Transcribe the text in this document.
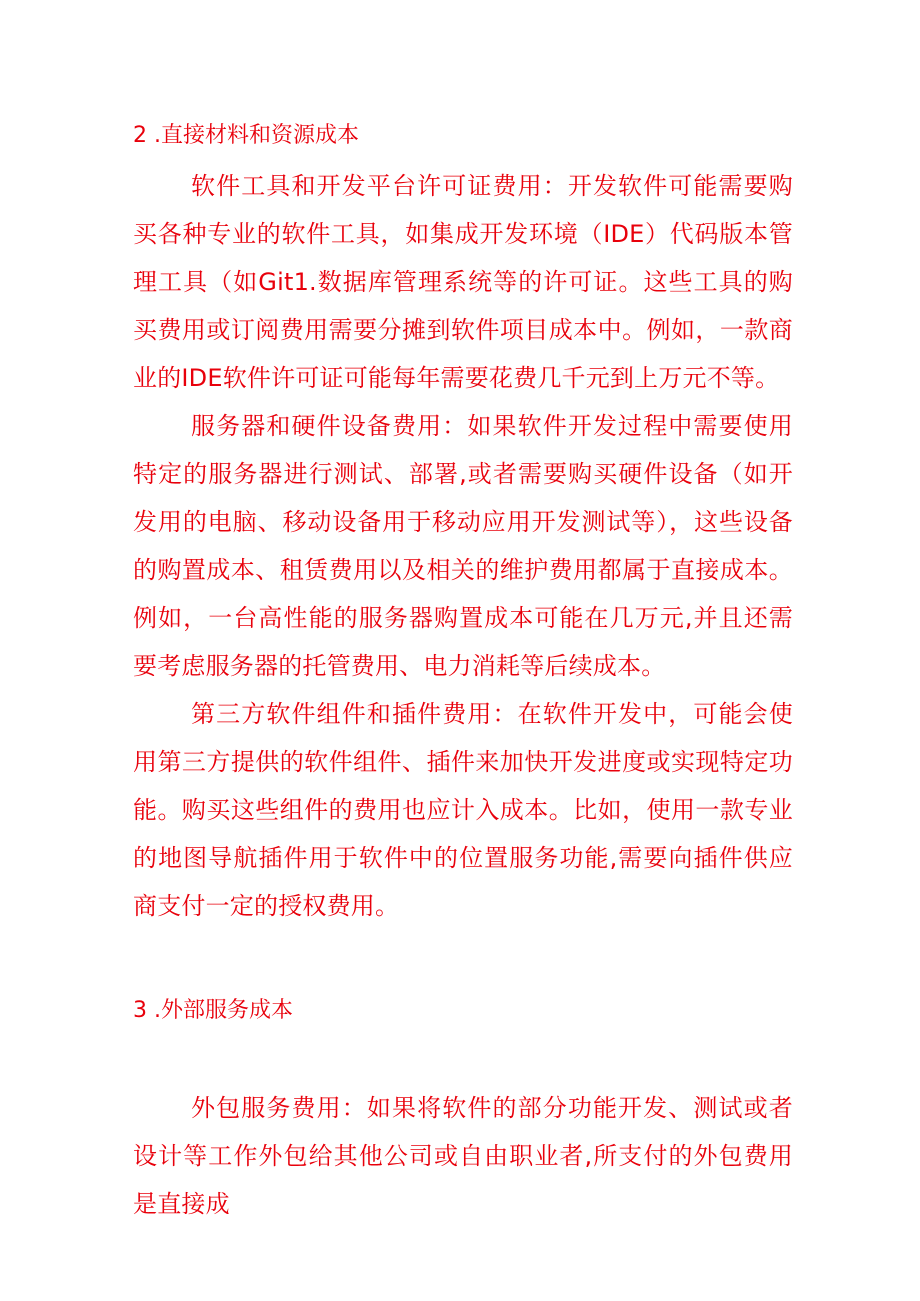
2 .直接材料和资源成本

软件工具和开发平台许可证费用：开发软件可能需要购买各种专业的软件工具，如集成开发环境（IDE）代码版本管理工具（如Git1.数据库管理系统等的许可证。这些工具的购买费用或订阅费用需要分摊到软件项目成本中。例如，一款商业的IDE软件许可证可能每年需要花费几千元到上万元不等。

服务器和硬件设备费用：如果软件开发过程中需要使用特定的服务器进行测试、部署,或者需要购买硬件设备（如开发用的电脑、移动设备用于移动应用开发测试等），这些设备的购置成本、租赁费用以及相关的维护费用都属于直接成本。例如，一台高性能的服务器购置成本可能在几万元,并且还需要考虑服务器的托管费用、电力消耗等后续成本。

第三方软件组件和插件费用：在软件开发中，可能会使用第三方提供的软件组件、插件来加快开发进度或实现特定功能。购买这些组件的费用也应计入成本。比如，使用一款专业的地图导航插件用于软件中的位置服务功能,需要向插件供应商支付一定的授权费用。

3 .外部服务成本

外包服务费用：如果将软件的部分功能开发、测试或者设计等工作外包给其他公司或自由职业者,所支付的外包费用是直接成
